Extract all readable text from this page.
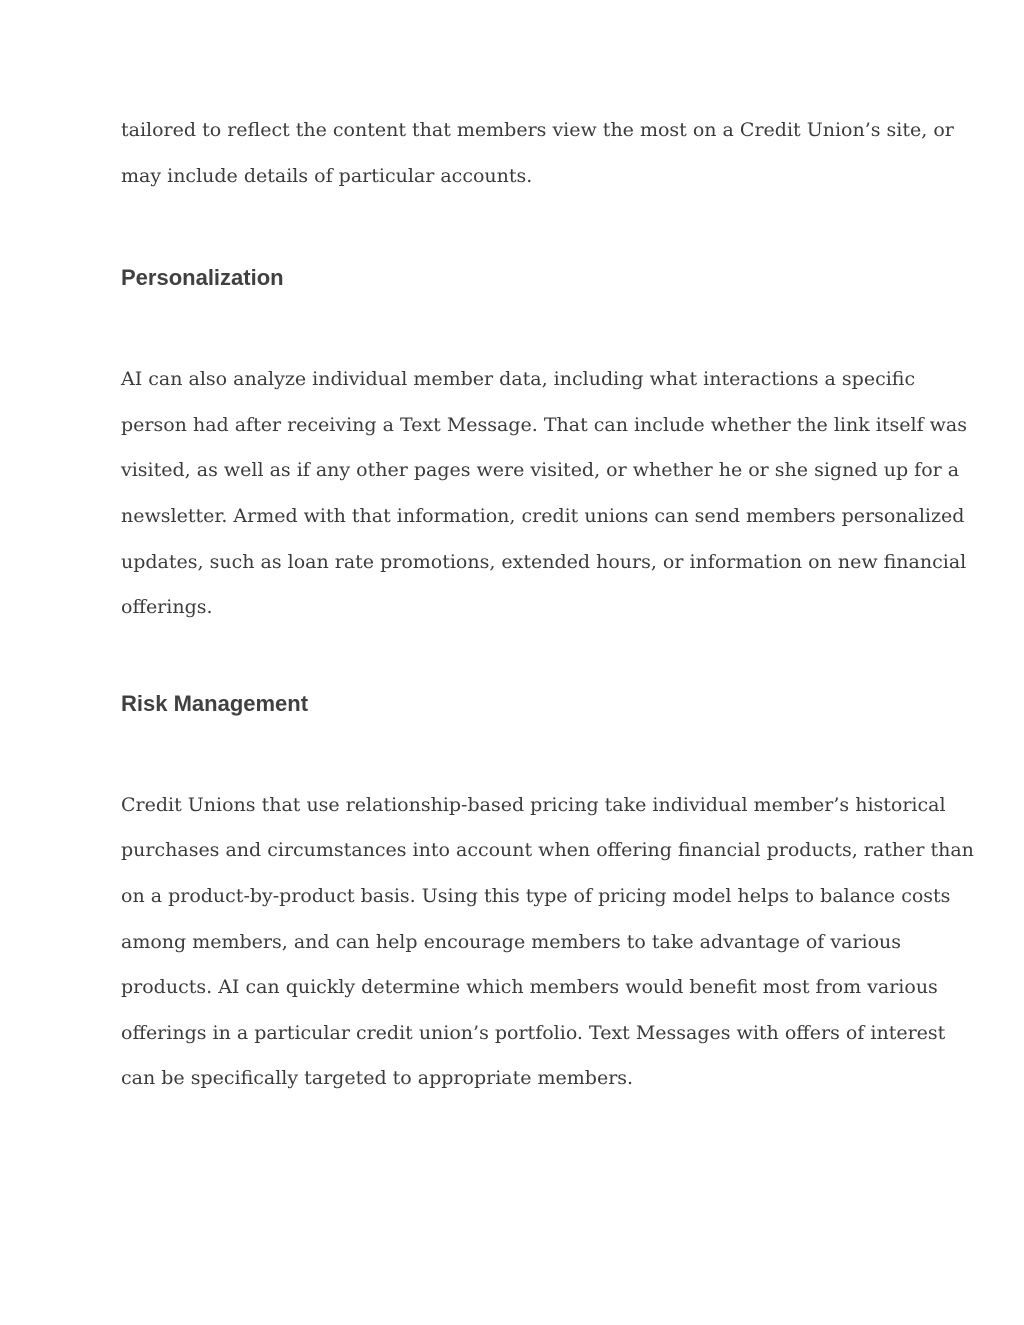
tailored to reflect the content that members view the most on a Credit Union’s site, or
may include details of particular accounts.

Personalization

AI can also analyze individual member data, including what interactions a specific
person had after receiving a Text Message. That can include whether the link itself was
visited, as well as if any other pages were visited, or whether he or she signed up for a
newsletter. Armed with that information, credit unions can send members personalized
updates, such as loan rate promotions, extended hours, or information on new financial
offerings.

Risk Management

Credit Unions that use relationship-based pricing take individual member’s historical
purchases and circumstances into account when offering financial products, rather than
on a product-by-product basis. Using this type of pricing model helps to balance costs
among members, and can help encourage members to take advantage of various
products. AI can quickly determine which members would benefit most from various
offerings in a particular credit union’s portfolio. Text Messages with offers of interest
can be specifically targeted to appropriate members.
